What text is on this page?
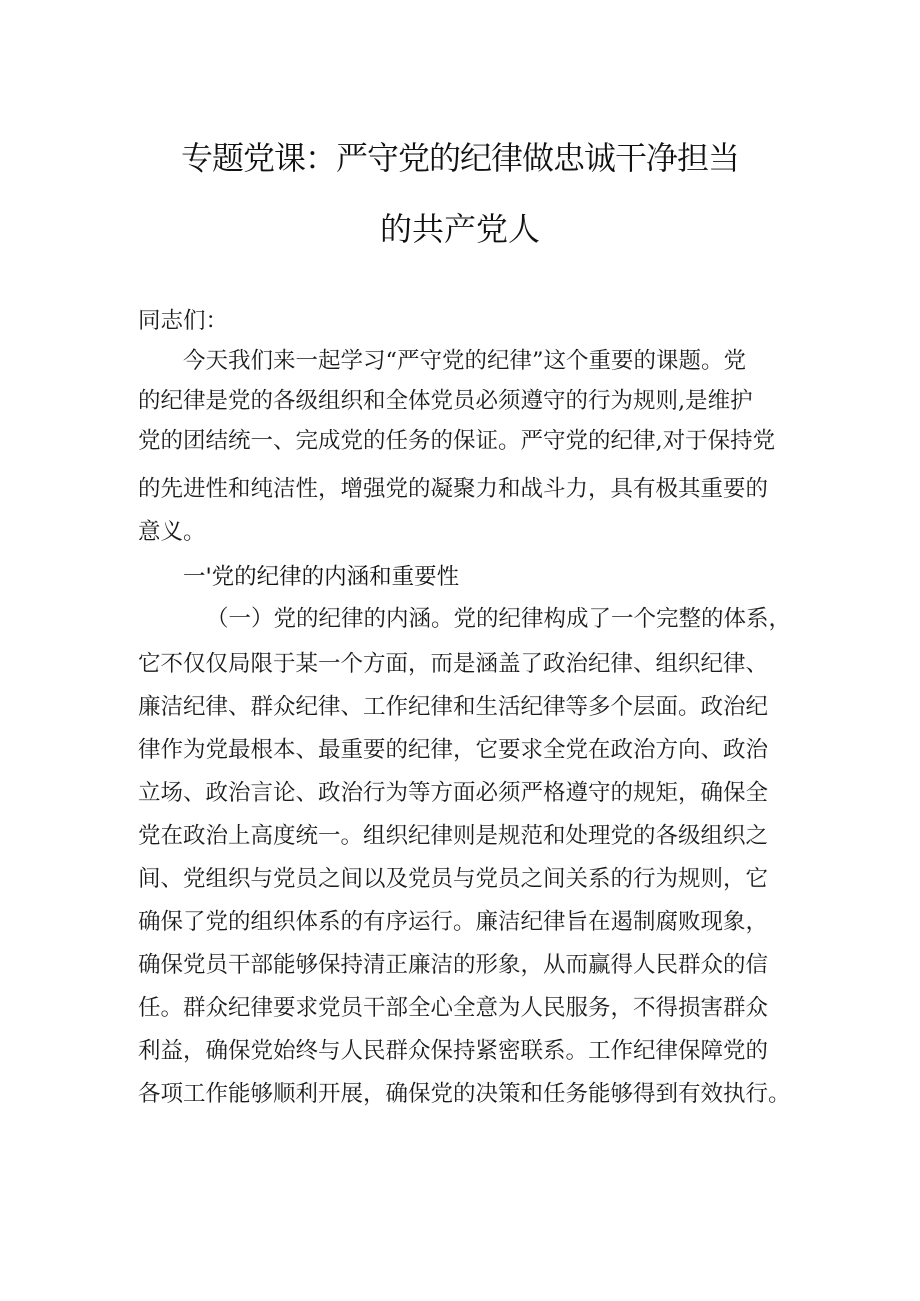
专题党课：严守党的纪律做忠诚干净担当
的共产党人
同志们：
今天我们来一起学习“严守党的纪律”这个重要的课题。党
的纪律是党的各级组织和全体党员必须遵守的行为规则,是维护
党的团结统一、完成党的任务的保证。严守党的纪律,对于保持党
的先进性和纯洁性，增强党的凝聚力和战斗力，具有极其重要的
意义。
一'党的纪律的内涵和重要性
（一）党的纪律的内涵。党的纪律构成了一个完整的体系，
它不仅仅局限于某一个方面，而是涵盖了政治纪律、组织纪律、
廉洁纪律、群众纪律、工作纪律和生活纪律等多个层面。政治纪
律作为党最根本、最重要的纪律，它要求全党在政治方向、政治
立场、政治言论、政治行为等方面必须严格遵守的规矩，确保全
党在政治上高度统一。组织纪律则是规范和处理党的各级组织之
间、党组织与党员之间以及党员与党员之间关系的行为规则，它
确保了党的组织体系的有序运行。廉洁纪律旨在遏制腐败现象，
确保党员干部能够保持清正廉洁的形象，从而赢得人民群众的信
任。群众纪律要求党员干部全心全意为人民服务，不得损害群众
利益，确保党始终与人民群众保持紧密联系。工作纪律保障党的
各项工作能够顺利开展，确保党的决策和任务能够得到有效执行。
